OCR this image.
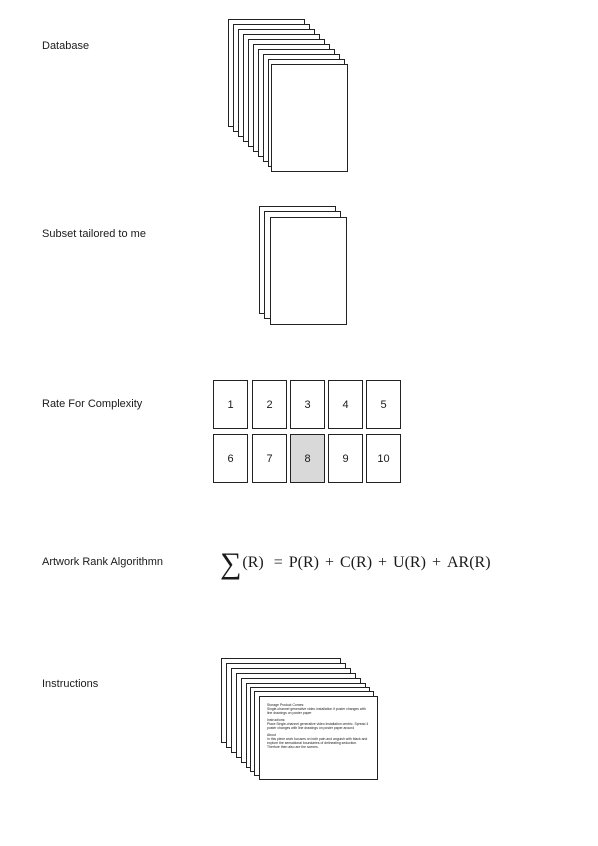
Database
Subset tailored to me
Rate For Complexity
Artwork Rank Algorithmn
Instructions
1	2	3	4	5
6	7	8	9	10
∑ (R) = P(R) + C(R) + U(R) + AR(R)

Storage Product Comes:

Single-channel generative video installation if poster changes with line drawings on poster paper

Instructions:

Place Single-channel generative video installation centric. Spread 4 poster changes with line drawings on poster paper around

About

In this piece work focuses on both pain and anguish with black and explore the sensational boundaries of delineating seduction. Therfore then also are the scenes.
